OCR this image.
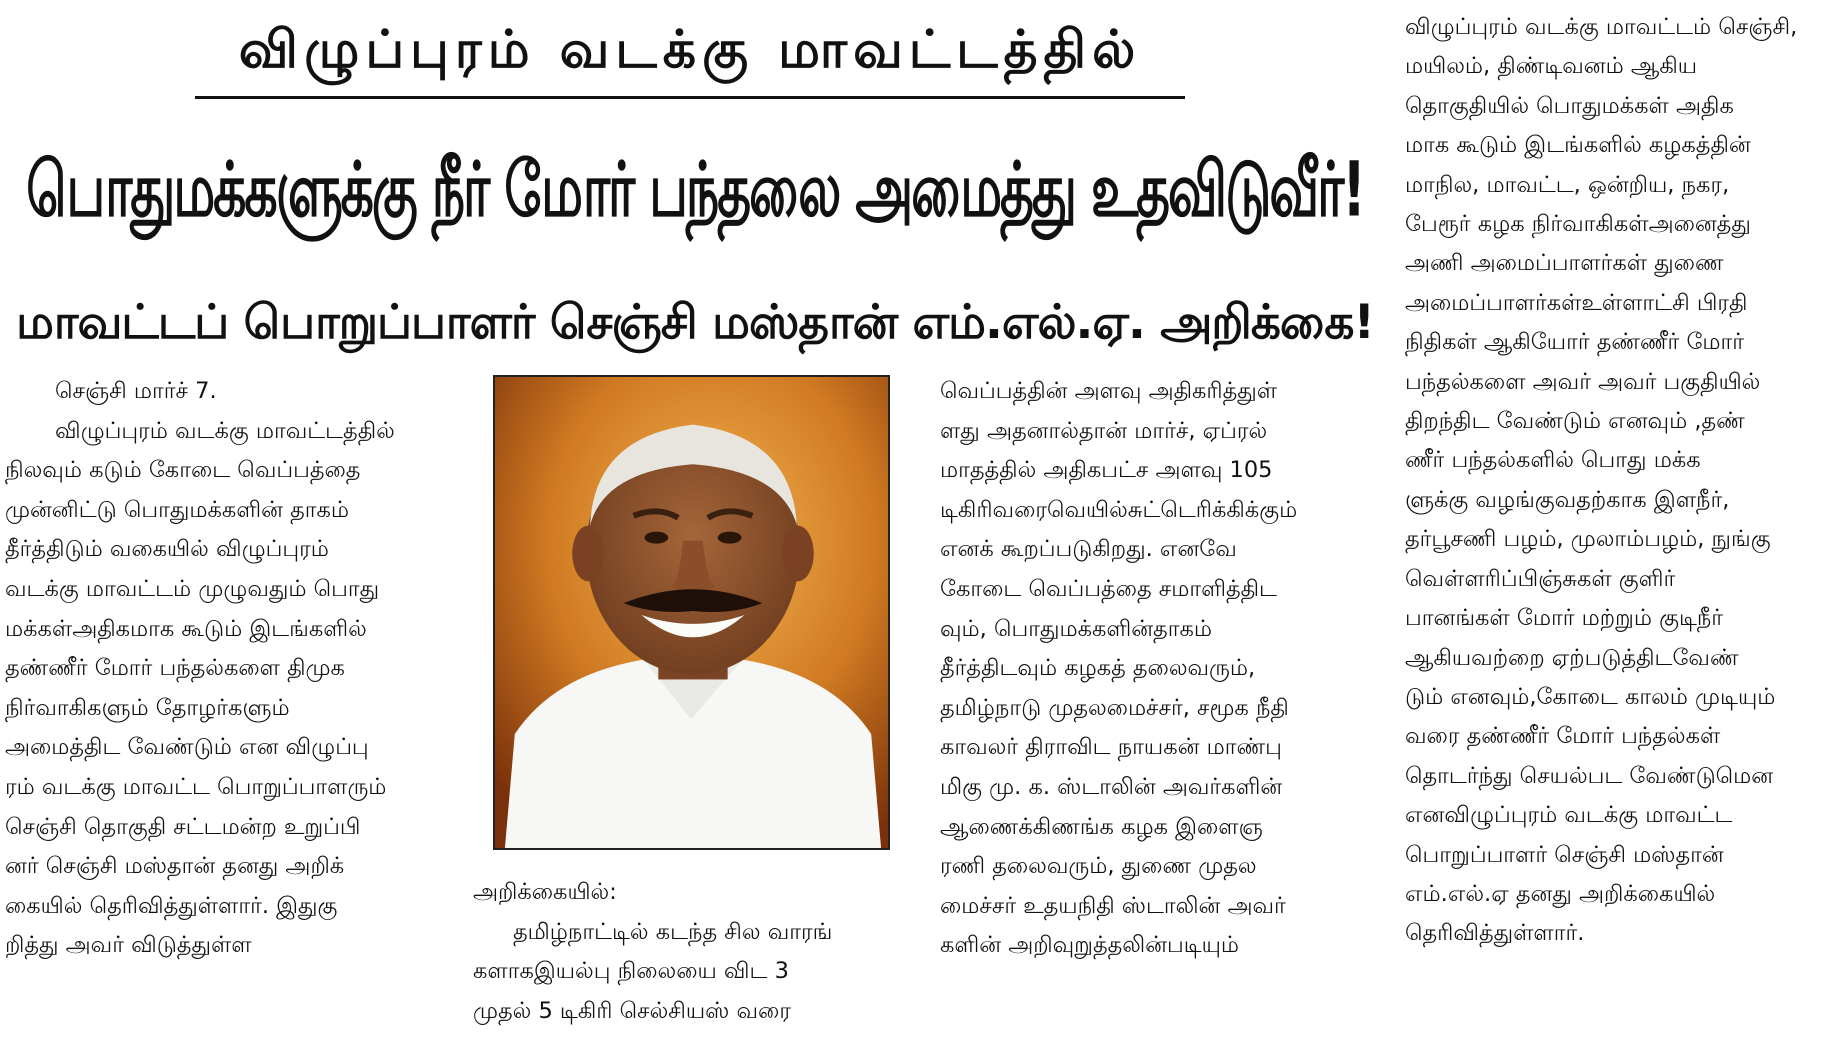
விழுப்புரம் வடக்கு மாவட்டத்தில்
பொதுமக்களுக்கு நீர் மோர் பந்தலை அமைத்து உதவிடுவீர்!
மாவட்டப் பொறுப்பாளர் செஞ்சி மஸ்தான் எம்.எல்.ஏ. அறிக்கை!

செஞ்சி மார்ச் 7.

விழுப்புரம் வடக்கு மாவட்டத்தில்

நிலவும் கடும் கோடை வெப்பத்தை

முன்னிட்டு பொதுமக்களின் தாகம்

தீர்த்திடும் வகையில் விழுப்புரம்

வடக்கு மாவட்டம் முழுவதும் பொது

மக்கள்அதிகமாக கூடும் இடங்களில்

தண்ணீர் மோர் பந்தல்களை திமுக

நிர்வாகிகளும் தோழர்களும்

அமைத்திட வேண்டும் என விழுப்பு

ரம் வடக்கு மாவட்ட பொறுப்பாளரும்

செஞ்சி தொகுதி சட்டமன்ற உறுப்பி

னர் செஞ்சி மஸ்தான் தனது அறிக்

கையில் தெரிவித்துள்ளார். இதுகு

றித்து அவர் விடுத்துள்ள

அறிக்கையில்:

தமிழ்நாட்டில் கடந்த சில வாரங்

களாகஇயல்பு நிலையை விட 3

முதல் 5 டிகிரி செல்சியஸ் வரை

வெப்பத்தின் அளவு அதிகரித்துள்

ளது அதனால்தான் மார்ச், ஏப்ரல்

மாதத்தில் அதிகபட்ச அளவு 105

டிகிரிவரைவெயில்சுட்டெரிக்கிக்கும்

எனக் கூறப்படுகிறது. எனவே

கோடை வெப்பத்தை சமாளித்திட

வும், பொதுமக்களின்தாகம்

தீர்த்திடவும் கழகத் தலைவரும்,

தமிழ்நாடு முதலமைச்சர், சமூக நீதி

காவலர் திராவிட நாயகன் மாண்பு

மிகு மு. க. ஸ்டாலின் அவர்களின்

ஆணைக்கிணங்க கழக இளைஞ

ரணி தலைவரும், துணை முதல

மைச்சர் உதயநிதி ஸ்டாலின் அவர்

களின் அறிவுறுத்தலின்படியும்

விழுப்புரம் வடக்கு மாவட்டம் செஞ்சி,

மயிலம், திண்டிவனம் ஆகிய

தொகுதியில் பொதுமக்கள் அதிக

மாக கூடும் இடங்களில் கழகத்தின்

மாநில, மாவட்ட, ஒன்றிய, நகர,

பேரூர் கழக நிர்வாகிகள்அனைத்து

அணி அமைப்பாளர்கள் துணை

அமைப்பாளர்கள்உள்ளாட்சி பிரதி

நிதிகள் ஆகியோர் தண்ணீர் மோர்

பந்தல்களை அவர் அவர் பகுதியில்

திறந்திட வேண்டும் எனவும் ,தண்

ணீர் பந்தல்களில் பொது மக்க

ளுக்கு வழங்குவதற்காக இளநீர்,

தர்பூசணி பழம், முலாம்பழம், நுங்கு

வெள்ளரிப்பிஞ்சுகள் குளிர்

பானங்கள் மோர் மற்றும் குடிநீர்

ஆகியவற்றை ஏற்படுத்திடவேண்

டும் எனவும்,கோடை காலம் முடியும்

வரை தண்ணீர் மோர் பந்தல்கள்

தொடர்ந்து செயல்பட வேண்டுமென

எனவிழுப்புரம் வடக்கு மாவட்ட

பொறுப்பாளர் செஞ்சி மஸ்தான்

எம்.எல்.ஏ தனது அறிக்கையில்

தெரிவித்துள்ளார்.
